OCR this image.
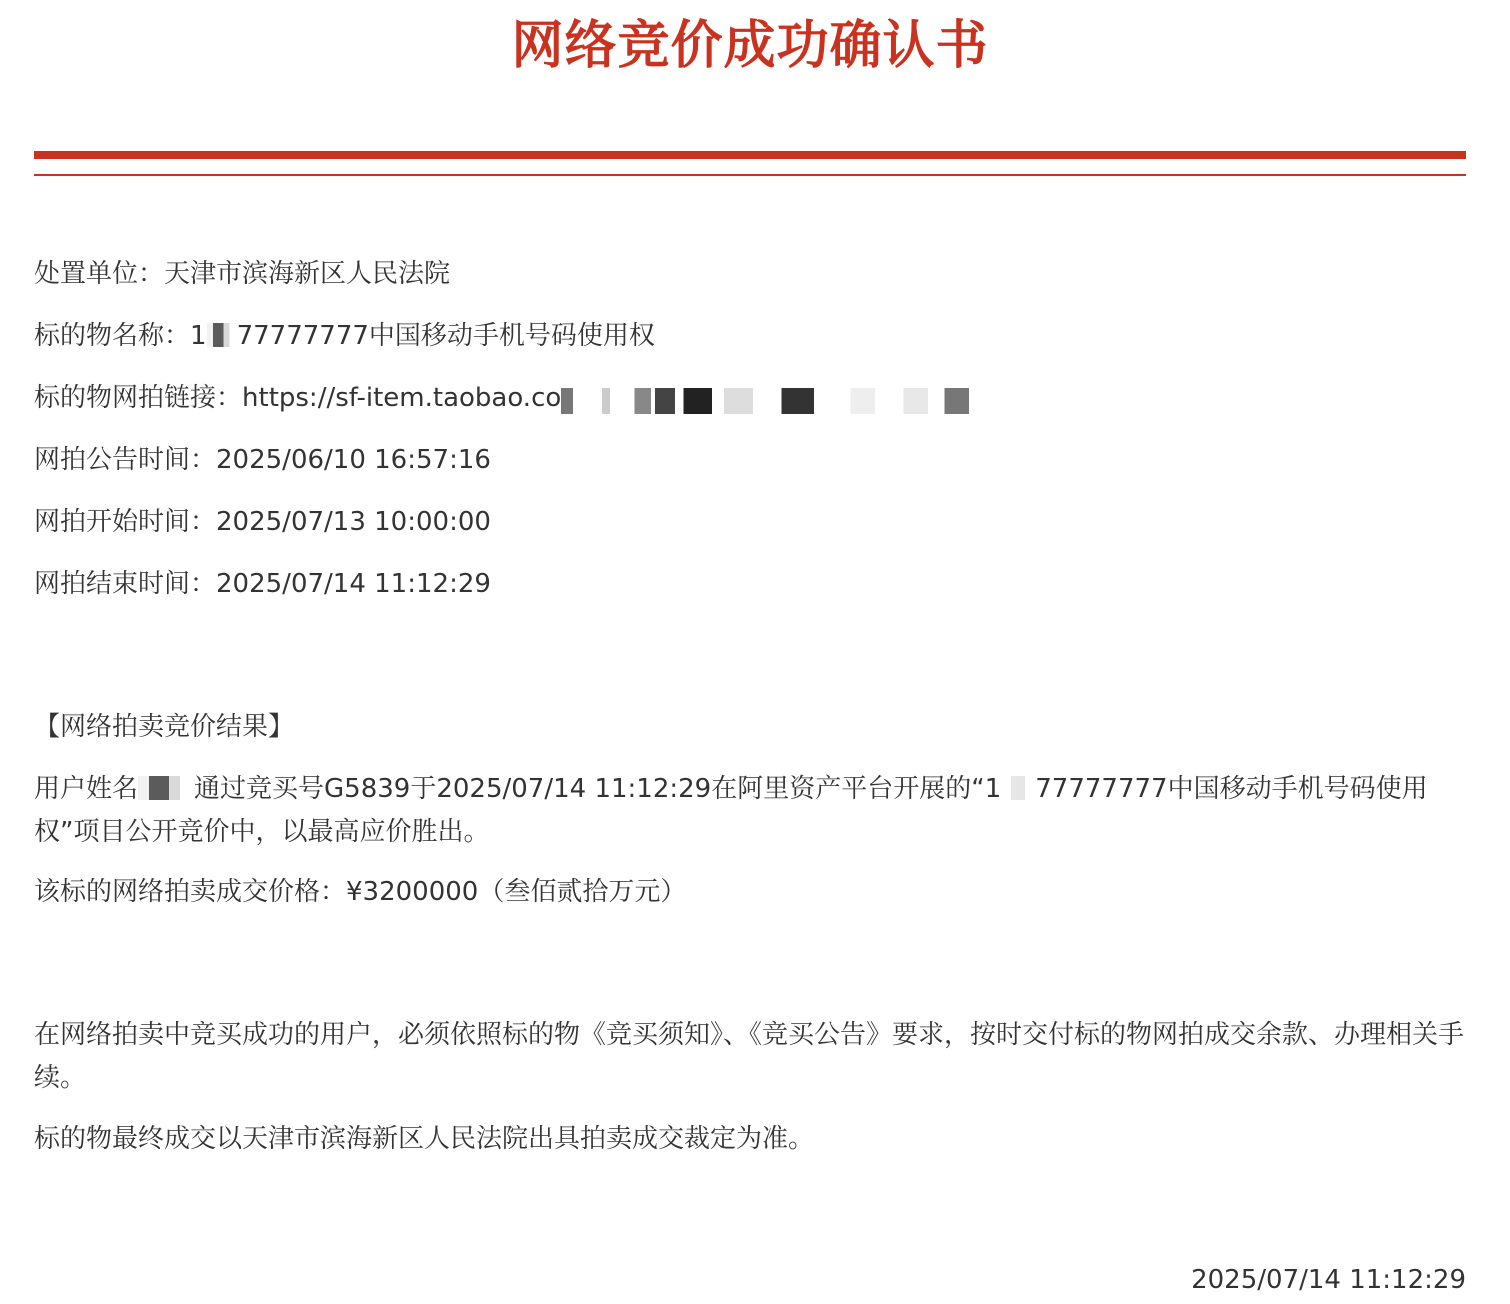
网络竞价成功确认书
处置单位：天津市滨海新区人民法院
标的物名称：1 77777777中国移动手机号码使用权
标的物网拍链接：https://sf-item.taobao.co
网拍公告时间：2025/06/10 16:57:16
网拍开始时间：2025/07/13 10:00:00
网拍结束时间：2025/07/14 11:12:29
【网络拍卖竞价结果】
用户姓名 通过竞买号G5839于2025/07/14 11:12:29在阿里资产平台开展的“1 77777777中国移动手机号码使用权”项目公开竞价中，以最高应价胜出。
该标的网络拍卖成交价格：¥3200000（叁佰贰拾万元）
在网络拍卖中竞买成功的用户，必须依照标的物《竞买须知》、《竞买公告》要求，按时交付标的物网拍成交余款、办理相关手续。
标的物最终成交以天津市滨海新区人民法院出具拍卖成交裁定为准。
2025/07/14 11:12:29
